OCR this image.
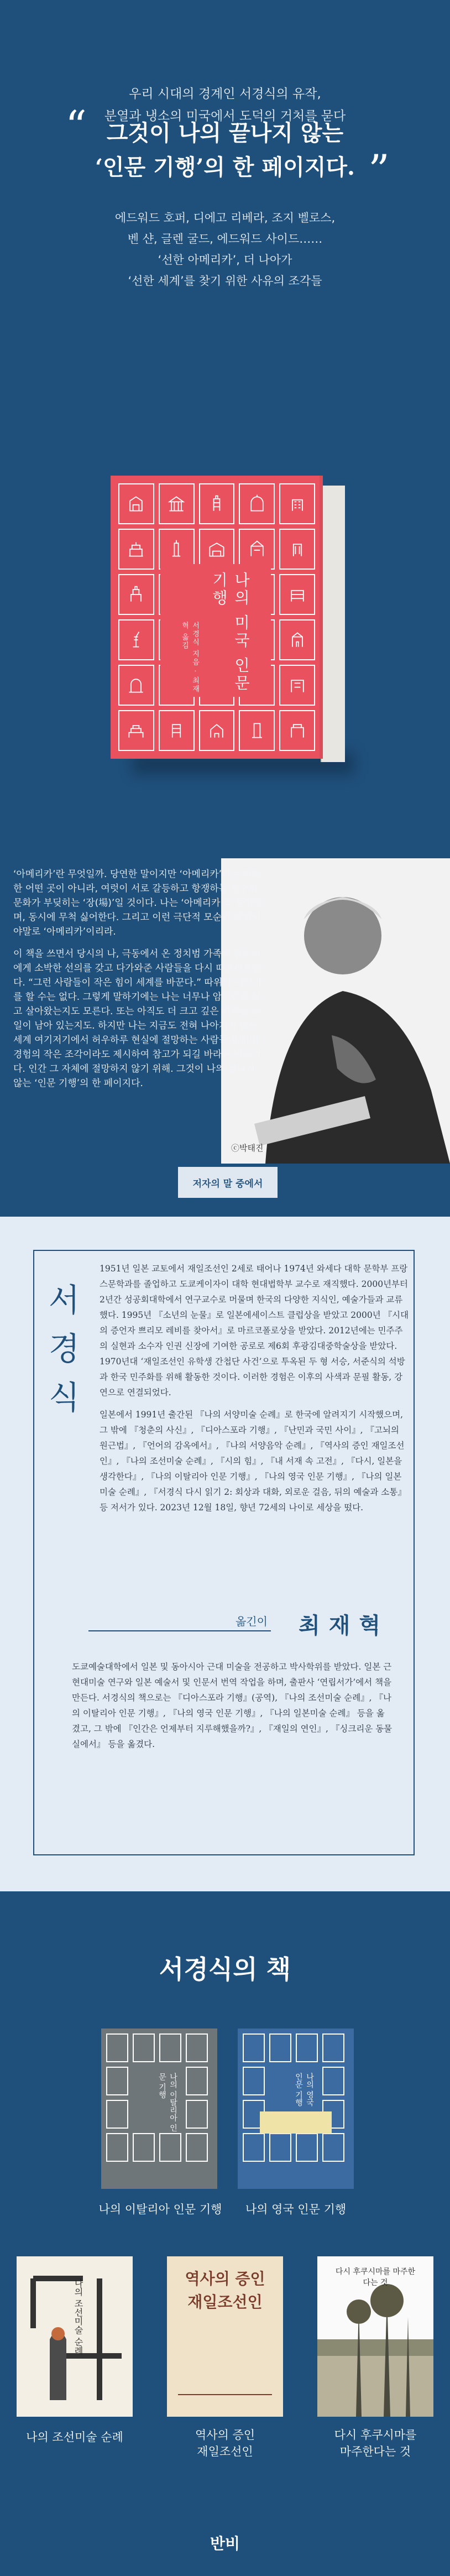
우리 시대의 경계인 서경식의 유작,
분열과 냉소의 미국에서 도덕의 거처를 묻다
“ 그것이 나의 끝나지 않는
‘인문 기행’의 한 페이지다. ”
에드워드 호퍼, 디에고 리베라, 조지 벨로스,
벤 샨, 글렌 굴드, 에드워드 사이드……
‘선한 아메리카’, 더 나아가
‘선한 세계’를 찾기 위한 사유의 조각들
나의 미국 인문 기행
서경식 지음 · 최재혁 옮김
ⓒ박태진

‘아메리카’란 무엇일까. 당연한 말이지만 ‘아메리카’라는 단일한 어떤 곳이 아니라, 여럿이 서로 갈등하고 항쟁하는 복수의 문화가 부딪히는 ‘장(場)’일 것이다. 나는 ‘아메리카’를 좋아하며, 동시에 무척 싫어한다. 그리고 이런 극단적 모순과 항쟁이야말로 ‘아메리카’이리라.

이 책을 쓰면서 당시의 나, 극동에서 온 정치범 가족인 젊은이에게 소박한 선의를 갖고 다가와준 사람들을 다시 떠올리보았다. “그런 사람들이 작은 힘이 세계를 바꾼다.” 따위의 이야기를 할 수는 없다. 그렇게 말하기에는 나는 너무나 암흑만을 보고 살아왔는지도 모른다. 또는 아직도 더 크고 깊은 암흑을 볼 일이 남아 있는지도. 하지만 나는 지금도 전혀 나아지지 않는 세계 여기저기에서 허우하루 현실에 절망하는 사람들에게 내 경험의 작은 조각이라도 제시하여 참고가 되길 바라는 마음이다. 인간 그 자체에 절망하지 않기 위해. 그것이 나의 끝나지 않는 ‘인문 기행’의 한 페이지다.

저자의 말 중에서
서경식

1951년 일본 교토에서 재일조선인 2세로 태어나 1974년 와세다 대학 문학부 프랑스문학과를 졸업하고 도쿄케이자이 대학 현대법학부 교수로 재직했다. 2000년부터 2년간 성공회대학에서 연구교수로 머물며 한국의 다양한 지식인, 예술가들과 교류했다. 1995년 『소년의 눈물』로 일본에세이스트 클럽상을 받았고 2000년 『시대의 증언자 쁘리모 레비를 찾아서』로 마르코폴로상을 받았다. 2012년에는 민주주의 실현과 소수자 인권 신장에 기여한 공로로 제6회 후광김대중학술상을 받았다. 1970년대 ‘재일조선인 유학생 간첩단 사건’으로 투옥된 두 형 서승, 서준식의 석방과 한국 민주화를 위해 활동한 것이다. 이러한 경험은 이후의 사색과 문필 활동, 강연으로 연결되었다.

일본에서 1991년 출간된 『나의 서양미술 순례』로 한국에 알려지기 시작했으며, 그 밖에 『청춘의 사신』, 『디아스포라 기행』, 『난민과 국민 사이』, 『고뇌의 원근법』, 『언어의 감옥에서』, 『나의 서양음악 순례』, 『역사의 증인 재일조선인』, 『나의 조선미술 순례』, 『시의 힘』, 『내 서재 속 고전』, 『다시, 일본을 생각한다』, 『나의 이탈리아 인문 기행』, 『나의 영국 인문 기행』, 『나의 일본미술 순례』, 『서경식 다시 읽기 2: 회상과 대화, 외로운 걸음, 뒤의 예술과 소통』 등 저서가 있다. 2023년 12월 18일, 향년 72세의 나이로 세상을 떴다.

옮긴이 최재혁
도쿄예술대학에서 일본 및 동아시아 근대 미술을 전공하고 박사학위를 받았다. 일본 근현대미술 연구와 일본 예술서 및 인문서 번역 작업을 하며, 출판사 ‘연립서가’에서 책을 만든다. 서경식의 책으로는 『디아스포라 기행』(공역), 『나의 조선미술 순례』, 『나의 이탈리아 인문 기행』, 『나의 영국 인문 기행』, 『나의 일본미술 순례』 등을 옮겼고, 그 밖에 『인간은 언제부터 지루해했을까?』, 『재일의 연인』, 『싱크리운 동물실에서』 등을 옮겼다.
서경식의 책
나의 이탈리아 인문 기행
나의 이탈리아 인문 기행
나의 영국 인문 기행
나의 영국 인문 기행
나의 조선미술 순례
나의 조선미술 순례
역사의 증인 재일조선인
역사의 증인
재일조선인
다시 후쿠시마를 마주한다는 것
다시 후쿠시마를
마주한다는 것
반비
